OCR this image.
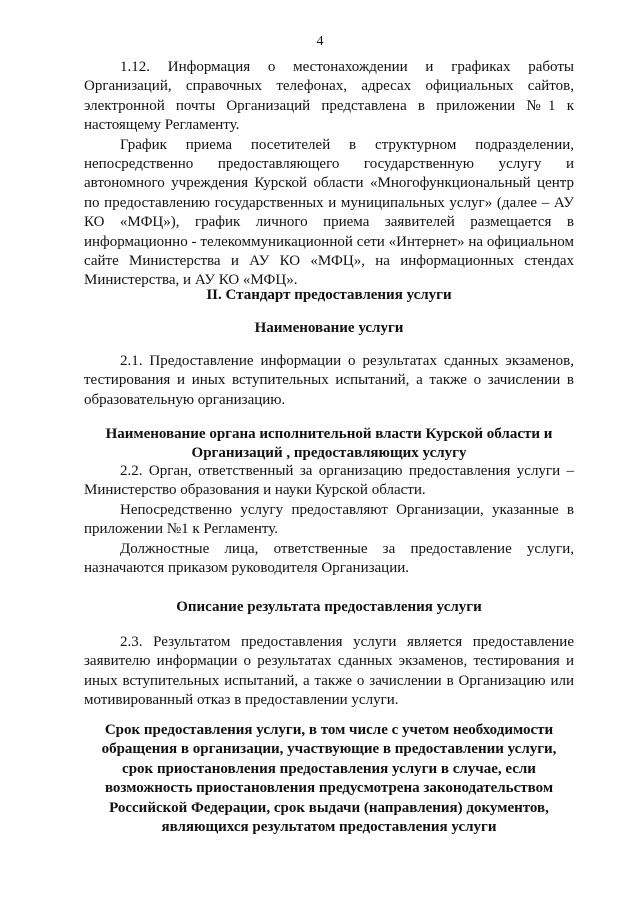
4

1.12. Информация о местонахождении и графиках работы Организаций, справочных телефонах, адресах официальных сайтов, электронной почты Организаций представлена в приложении №1 к настоящему Регламенту.

График приема посетителей в структурном подразделении, непосредственно предоставляющего государственную услугу и автономного учреждения Курской области «Многофункциональный центр по предоставлению государственных и муниципальных услуг» (далее – АУ КО «МФЦ»), график личного приема заявителей размещается в информационно - телекоммуникационной сети «Интернет» на официальном сайте Министерства и АУ КО «МФЦ», на информационных стендах Министерства, и АУ КО «МФЦ».

II. Стандарт предоставления услуги
Наименование услуги

2.1. Предоставление информации о результатах сданных экзаменов, тестирования и иных вступительных испытаний, а также о зачислении в образовательную организацию.

Наименование органа исполнительной власти Курской области и
Организаций , предоставляющих услугу

2.2. Орган, ответственный за организацию предоставления услуги – Министерство образования и науки Курской области.

Непосредственно услугу предоставляют Организации, указанные в приложении №1 к Регламенту.

Должностные лица, ответственные за предоставление услуги, назначаются приказом руководителя Организации.

Описание результата предоставления услуги

2.3. Результатом предоставления услуги является предоставление заявителю информации о результатах сданных экзаменов, тестирования и иных вступительных испытаний, а также о зачислении в Организацию или мотивированный отказ в предоставлении услуги.

Срок предоставления услуги, в том числе с учетом необходимости
обращения в организации, участвующие в предоставлении услуги,
срок приостановления предоставления услуги в случае, если
возможность приостановления предусмотрена законодательством
Российской Федерации, срок выдачи (направления) документов,
являющихся результатом предоставления услуги
